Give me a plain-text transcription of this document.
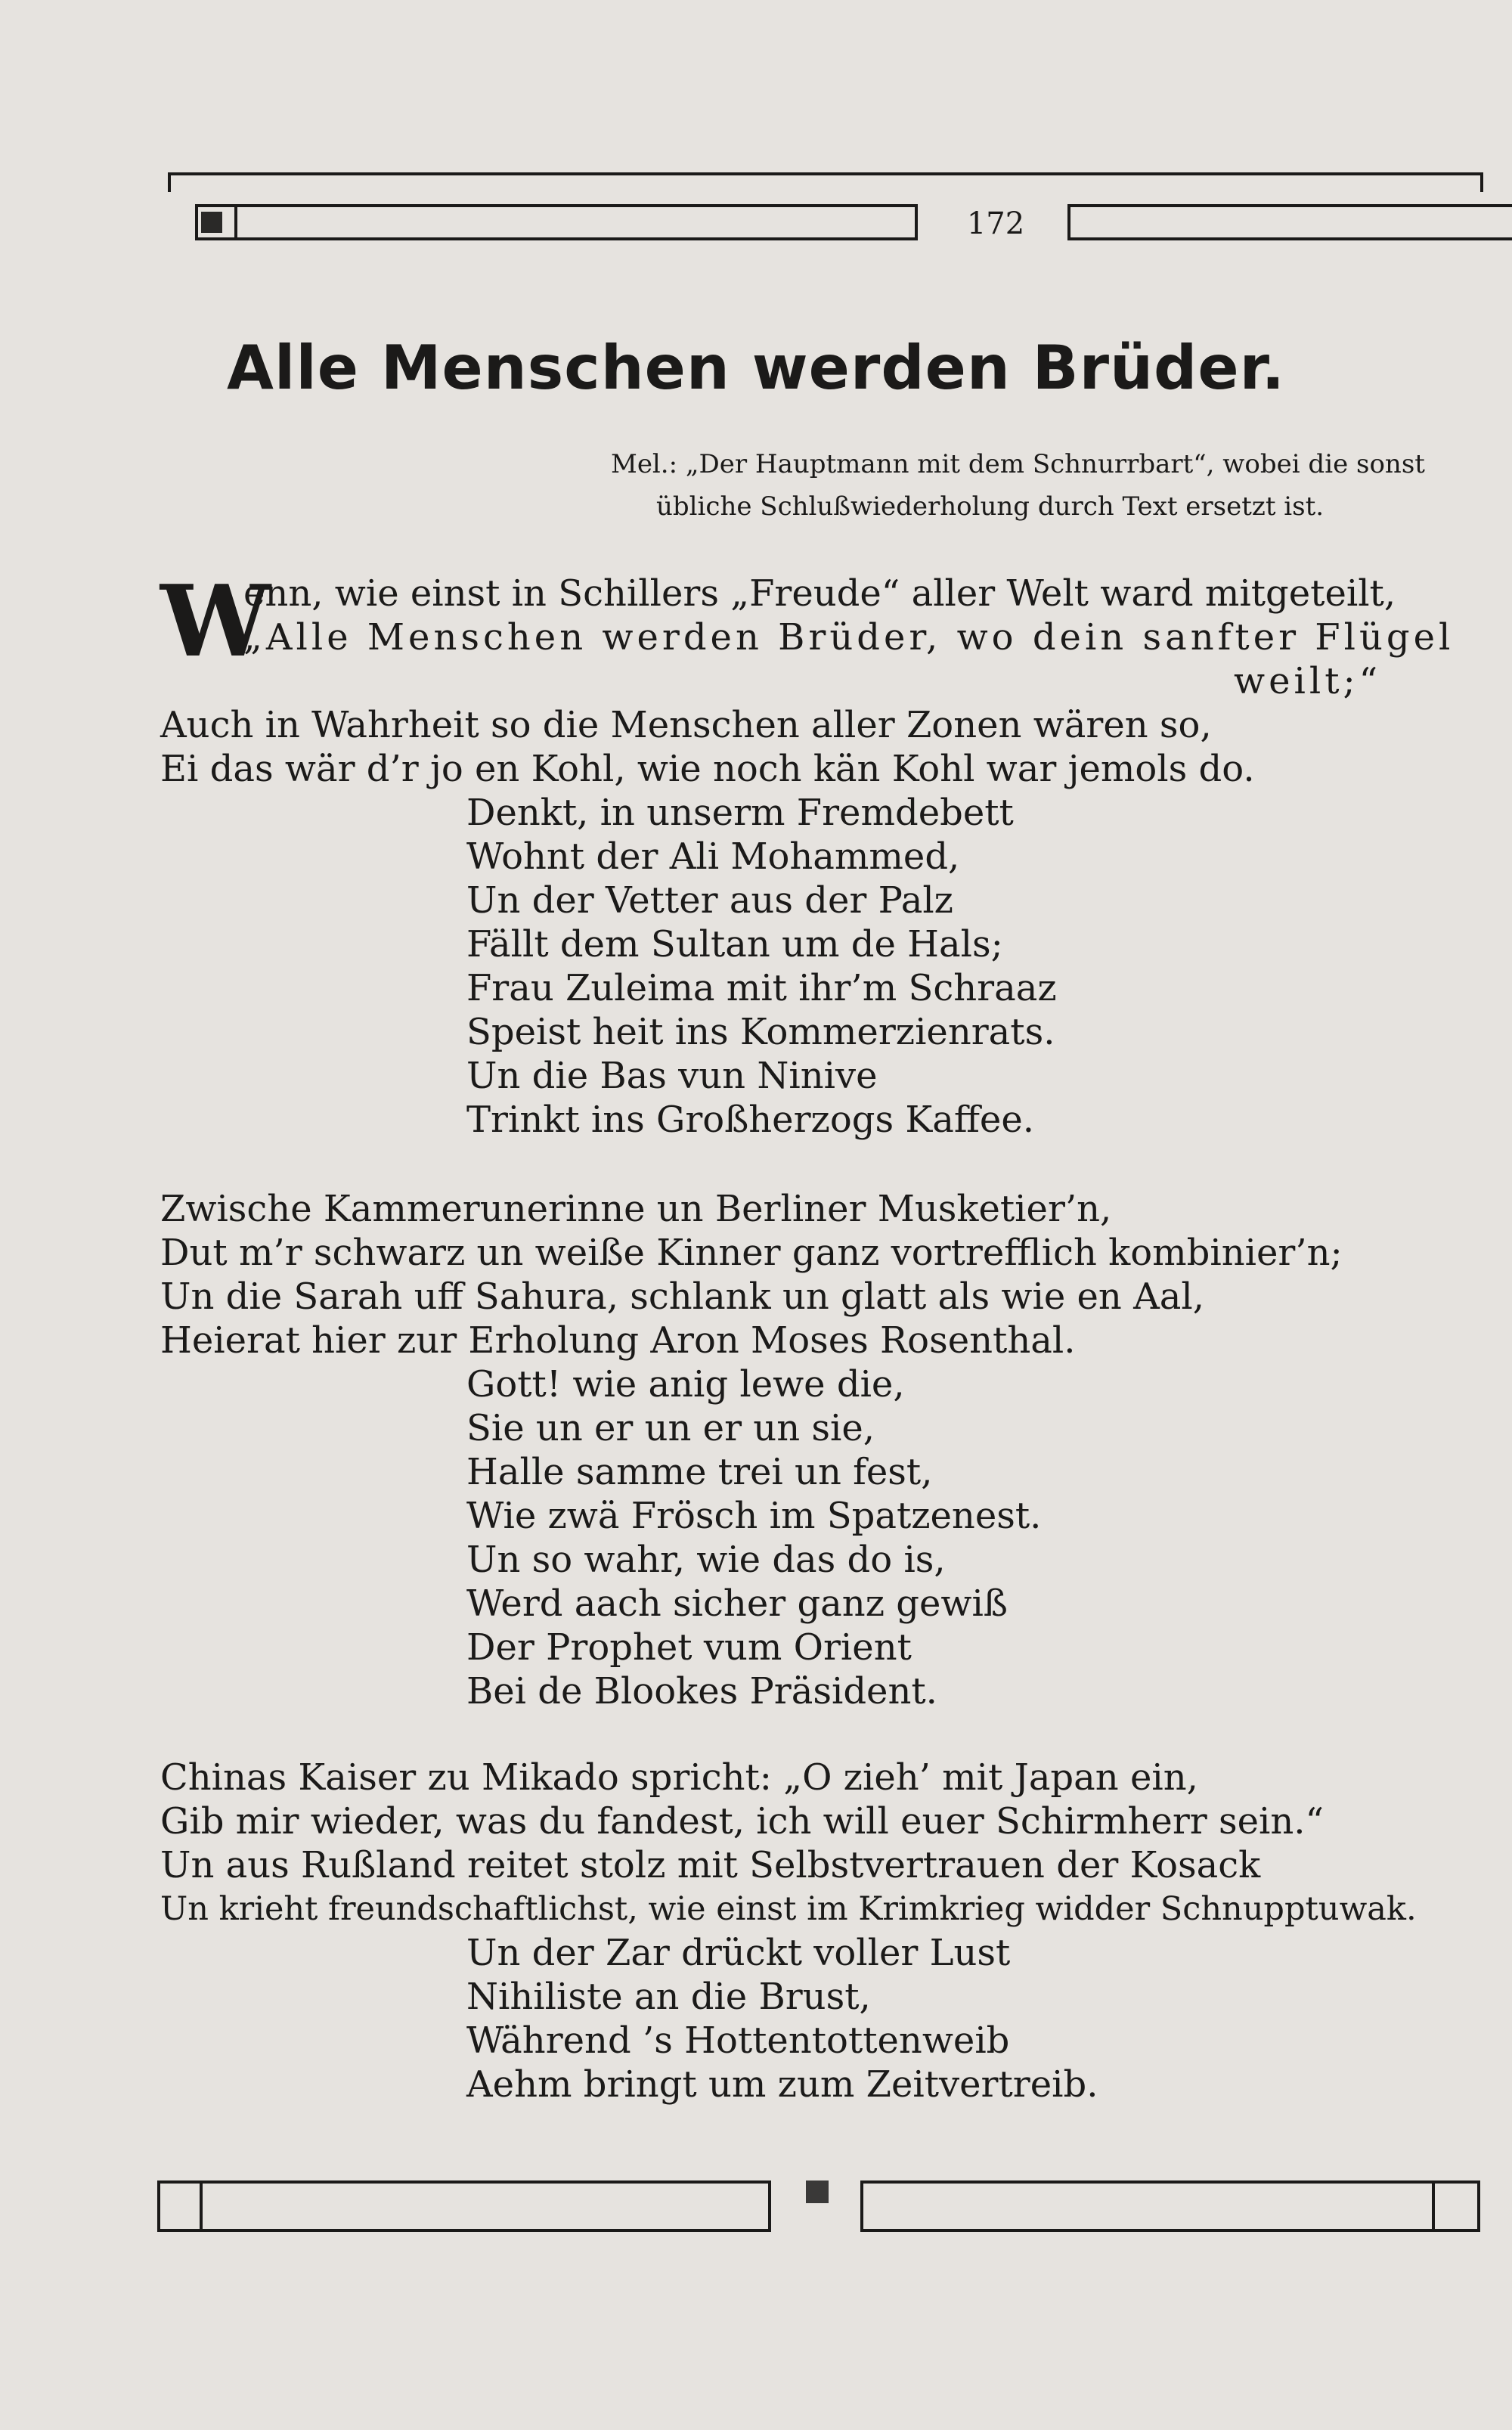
172
Alle Menschen werden Brüder.
Mel.: „Der Hauptmann mit dem Schnurrbart“, wobei die sonst
übliche Schlußwiederholung durch Text ersetzt ist.
W
enn, wie einst in Schillers „Freude“ aller Welt ward mitgeteilt,
„Alle Menschen werden Brüder, wo dein sanfter Flügel
weilt;“
Auch in Wahrheit so die Menschen aller Zonen wären so,
Ei das wär d’r jo en Kohl, wie noch kän Kohl war jemols do.
Denkt, in unserm Fremdebett
Wohnt der Ali Mohammed,
Un der Vetter aus der Palz
Fällt dem Sultan um de Hals;
Frau Zuleima mit ihr’m Schraaz
Speist heit ins Kommerzienrats.
Un die Bas vun Ninive
Trinkt ins Großherzogs Kaffee.
Zwische Kammerunerinne un Berliner Musketier’n,
Dut m’r schwarz un weiße Kinner ganz vortrefflich kombinier’n;
Un die Sarah uff Sahura, schlank un glatt als wie en Aal,
Heierat hier zur Erholung Aron Moses Rosenthal.
Gott! wie anig lewe die,
Sie un er un er un sie,
Halle samme trei un fest,
Wie zwä Frösch im Spatzenest.
Un so wahr, wie das do is,
Werd aach sicher ganz gewiß
Der Prophet vum Orient
Bei de Blookes Präsident.
Chinas Kaiser zu Mikado spricht: „O zieh’ mit Japan ein,
Gib mir wieder, was du fandest, ich will euer Schirmherr sein.“
Un aus Rußland reitet stolz mit Selbstvertrauen der Kosack
Un krieht freundschaftlichst, wie einst im Krimkrieg widder Schnupptuwak.
Un der Zar drückt voller Lust
Nihiliste an die Brust,
Während ’s Hottentottenweib
Aehm bringt um zum Zeitvertreib.
